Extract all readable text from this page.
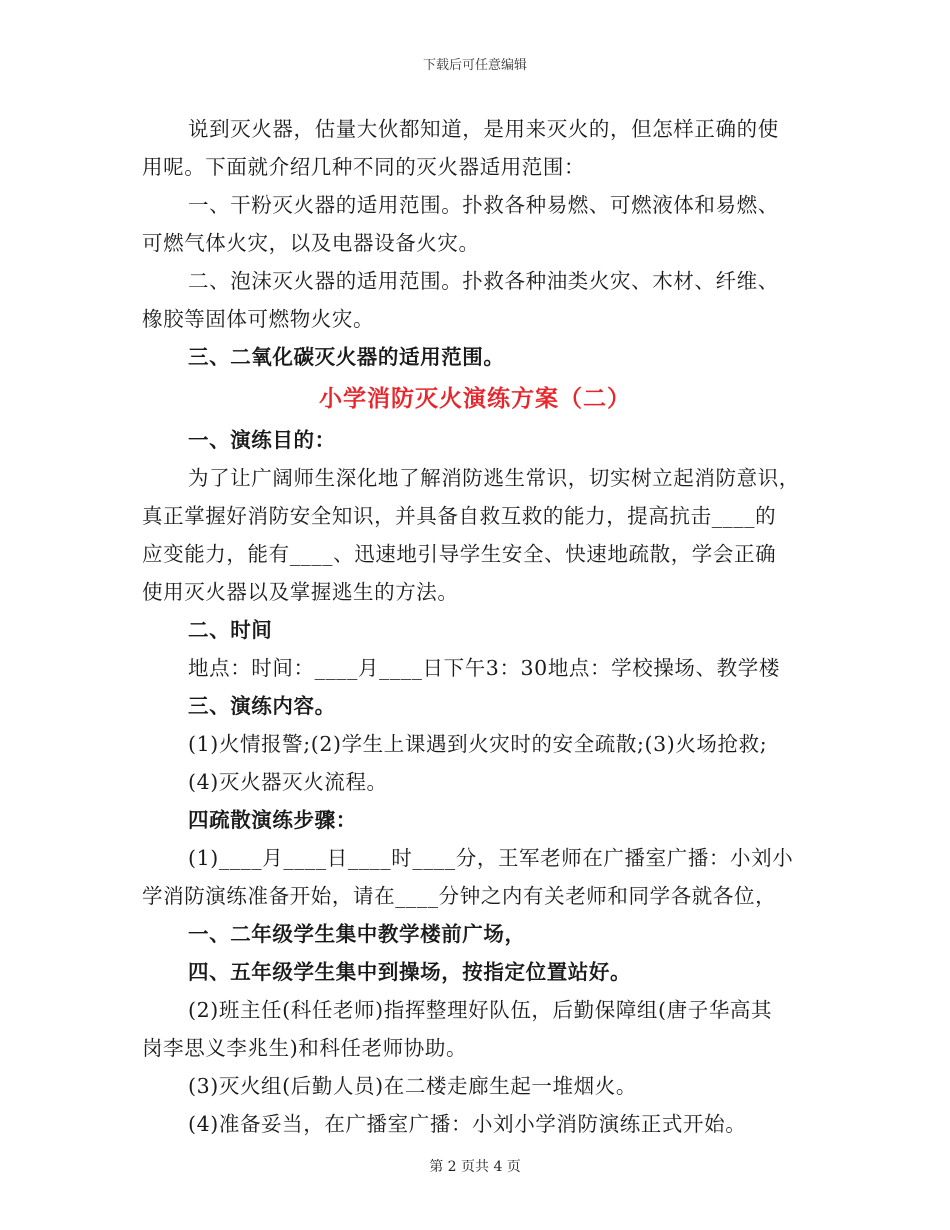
下载后可任意编辑
说到灭火器，估量大伙都知道，是用来灭火的，但怎样正确的使
用呢。下面就介绍几种不同的灭火器适用范围：
一、干粉灭火器的适用范围。扑救各种易燃、可燃液体和易燃、
可燃气体火灾，以及电器设备火灾。
二、泡沫灭火器的适用范围。扑救各种油类火灾、木材、纤维、
橡胶等固体可燃物火灾。
三、二氧化碳灭火器的适用范围。
小学消防灭火演练方案（二）
一、演练目的：
为了让广阔师生深化地了解消防逃生常识，切实树立起消防意识，
真正掌握好消防安全知识，并具备自救互救的能力，提高抗击____的
应变能力，能有____、迅速地引导学生安全、快速地疏散，学会正确
使用灭火器以及掌握逃生的方法。
二、时间
地点：时间：____月____日下午3：30地点：学校操场、教学楼
三、演练内容。
(1)火情报警;(2)学生上课遇到火灾时的安全疏散;(3)火场抢救;
(4)灭火器灭火流程。
四疏散演练步骤：
(1)____月____日____时____分，王军老师在广播室广播：小刘小
学消防演练准备开始，请在____分钟之内有关老师和同学各就各位，
一、二年级学生集中教学楼前广场，
四、五年级学生集中到操场，按指定位置站好。
(2)班主任(科任老师)指挥整理好队伍，后勤保障组(唐子华高其
岗李思义李兆生)和科任老师协助。
(3)灭火组(后勤人员)在二楼走廊生起一堆烟火。
(4)准备妥当，在广播室广播：小刘小学消防演练正式开始。
第 2 页共 4 页
